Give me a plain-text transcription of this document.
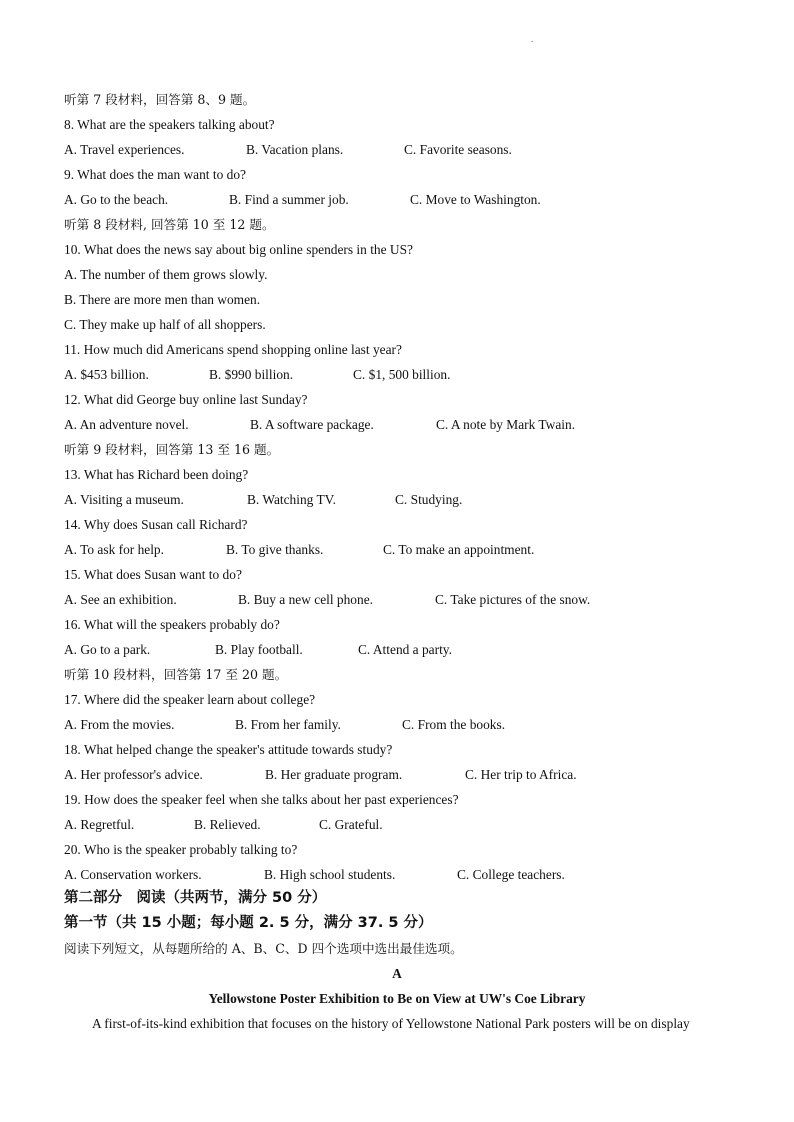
.
听第 7 段材料，回答第 8、9 题。
8. What are the speakers talking about?
A. Travel experiences.	B. Vacation plans.	C. Favorite seasons.
9. What does the man want to do?
A. Go to the beach.	B. Find a summer job.	C. Move to Washington.
听第 8 段材料, 回答第 10 至 12 题。
10. What does the news say about big online spenders in the US?
A. The number of them grows slowly.
B. There are more men than women.
C. They make up half of all shoppers.
11. How much did Americans spend shopping online last year?
A. $453 billion.	B. $990 billion.	C. $1, 500 billion.
12. What did George buy online last Sunday?
A. An adventure novel.	B. A software package.	C. A note by Mark Twain.
听第 9 段材料，回答第 13 至 16 题。
13. What has Richard been doing?
A. Visiting a museum.	B. Watching TV.	C. Studying.
14. Why does Susan call Richard?
A. To ask for help.	B. To give thanks.	C. To make an appointment.
15. What does Susan want to do?
A. See an exhibition.	B. Buy a new cell phone.	C. Take pictures of the snow.
16. What will the speakers probably do?
A. Go to a park.	B. Play football.	C. Attend a party.
听第 10 段材料，回答第 17 至 20 题。
17. Where did the speaker learn about college?
A. From the movies.	B. From her family.	C. From the books.
18. What helped change the speaker's attitude towards study?
A. Her professor's advice.	B. Her graduate program.	C. Her trip to Africa.
19. How does the speaker feel when she talks about her past experiences?
A. Regretful.	B. Relieved.	C. Grateful.
20. Who is the speaker probably talking to?
A. Conservation workers.	B. High school students.	C. College teachers.
第二部分　阅读（共两节，满分 50 分）
第一节（共 15 小题；每小题 2. 5 分，满分 37. 5 分）
阅读下列短文，从每题所给的 A、B、C、D 四个选项中选出最佳选项。
A
Yellowstone Poster Exhibition to Be on View at UW's Coe Library
A first-of-its-kind exhibition that focuses on the history of Yellowstone National Park posters will be on display
